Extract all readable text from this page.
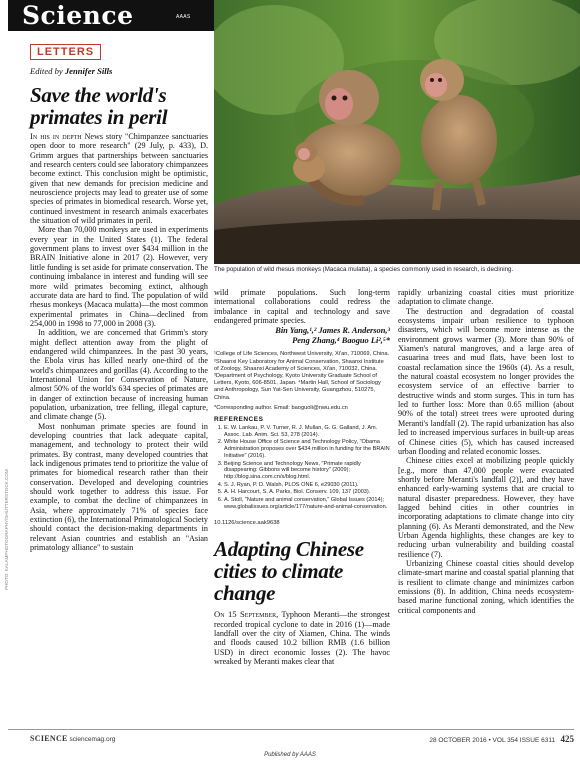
Science	AAAS
LETTERS
Edited by Jennifer Sills
Save the world's primates in peril

In his in depth News story "Chimpanzee sanctuaries open door to more research" (29 July, p. 433), D. Grimm argues that partnerships between sanctuaries and research centers could see laboratory chimpanzees become extinct. This conclusion might be optimistic, given that new demands for precision medicine and neuroscience projects may lead to greater use of some species of primates in biomedical research. Worse yet, continued investment in research animals exacerbates the situation of wild primates in peril.

More than 70,000 monkeys are used in experiments every year in the United States (1). The federal government plans to invest over $434 million in the BRAIN Initiative alone in 2017 (2). However, very little funding is set aside for primate conservation. The continuing imbalance in interest and funding will see more wild primates becoming extinct, although accurate data are hard to find. The population of wild rhesus monkeys (Macaca mulatta)—the most common experimental primates in China—declined from 254,000 in 1998 to 77,000 in 2008 (3).

In addition, we are concerned that Grimm's story might deflect attention away from the plight of endangered wild chimpanzees. In the past 30 years, the Ebola virus has killed nearly one-third of the world's chimpanzees and gorillas (4). According to the International Union for Conservation of Nature, almost 50% of the world's 634 species of primates are in danger of extinction because of increasing human population, urbanization, tree felling, illegal capture, and climate change (5).

Most nonhuman primate species are found in developing countries that lack adequate capital, management, and technology to protect their wild primates. By contrast, many developed countries that lack indigenous primates tend to prioritize the value of primates for biomedical research rather than their conservation. Developed and developing countries should work together to address this issue. For example, to combat the decline of chimpanzees in Asia, where approximately 71% of species face extinction (6), the International Primatological Society should contact the decision-making departments in relevant Asian countries and establish an "Asian primatology alliance" to sustain

PHOTO: KALAMPHOTOGRAPHY/SHUTTERSTOCK.COM
The population of wild rhesus monkeys (Macaca mulatta), a species commonly used in research, is declining.

wild primate populations. Such long-term international collaborations could redress the imbalance in capital and technology and save endangered primate species.

Bin Yang,¹,² James R. Anderson,³
Peng Zhang,⁴ Baoguo Li²,⁵*

¹College of Life Sciences, Northwest University, Xi'an, 710069, China. ²Shaanxi Key Laboratory for Animal Conservation, Shaanxi Institute of Zoology, Shaanxi Academy of Sciences, Xi'an, 710032, China. ³Department of Psychology, Kyoto University Graduate School of Letters, Kyoto, 606-8501, Japan. ⁴Martin Hall, School of Sociology and Anthropology, Sun Yat-Sen University, Guangzhou, 510275, China.

*Corresponding author. Email: baoguoli@nwu.edu.cn

REFERENCES
1. E. W. Lankau, P. V. Turner, R. J. Mullan, G. G. Galland, J. Am. Assoc. Lab. Anim. Sci. 53, 278 (2014).
2. White House Office of Science and Technology Policy, "Obama Administration proposes over $434 million in funding for the BRAIN Initiative" (2016).
3. Beijing Science and Technology News, "Primate rapidly disappearing: Gibbons will become history" (2009); http://blog.sina.com.cn/s/blog.html.
4. S. J. Ryan, P. D. Walsh, PLOS ONE 6, e29030 (2011).
5. A. H. Harcourt, S. A. Parks, Biol. Conserv. 109, 137 (2003).
6. A. Stoll, "Nature and animal conservation," Global Issues (2014); www.globalissues.org/article/177/nature-and-animal-conservation.
10.1126/science.aak9638
Adapting Chinese cities to climate change

On 15 September, Typhoon Meranti—the strongest recorded tropical cyclone to date in 2016 (1)—made landfall over the city of Xiamen, China. The winds and floods caused 10.2 billion RMB (1.6 billion USD) in direct economic losses (2). The havoc wreaked by Meranti makes clear that

rapidly urbanizing coastal cities must prioritize adaptation to climate change.

The destruction and degradation of coastal ecosystems impair urban resilience to typhoon disasters, which will become more intense as the environment grows warmer (3). More than 90% of Xiamen's natural mangroves, and a large area of casuarina trees and mud flats, have been lost to coastal reclamation since the 1960s (4). As a result, the natural coastal ecosystem no longer provides the ecosystem service of an effective barrier to destructive winds and storm surges. This in turn has led to further loss: More than 0.65 million (about 90% of the total) street trees were uprooted during Meranti's landfall (2). The rapid urbanization has also led to increased impervious surfaces in built-up areas of Chinese cities (5), which has caused increased urban flooding and related economic losses.

Chinese cities excel at mobilizing people quickly [e.g., more than 47,000 people were evacuated shortly before Meranti's landfall (2)], and they have enhanced early-warning systems that are crucial to natural disaster preparedness. However, they have lagged behind cities in other countries in incorporating adaptations to climate change into city planning (6). As Meranti demonstrated, and the New Urban Agenda highlights, these changes are key to reducing urban vulnerability and building coastal resilience (7).

Urbanizing Chinese coastal cities should develop climate-smart marine and coastal spatial planning that is resilient to climate change and minimizes carbon emissions (8). In addition, China needs ecosystem-based marine functional zoning, which identifies the critical components and

SCIENCE sciencemag.org	28 OCTOBER 2016 • VOL 354 ISSUE 6311 425
Published by AAAS
